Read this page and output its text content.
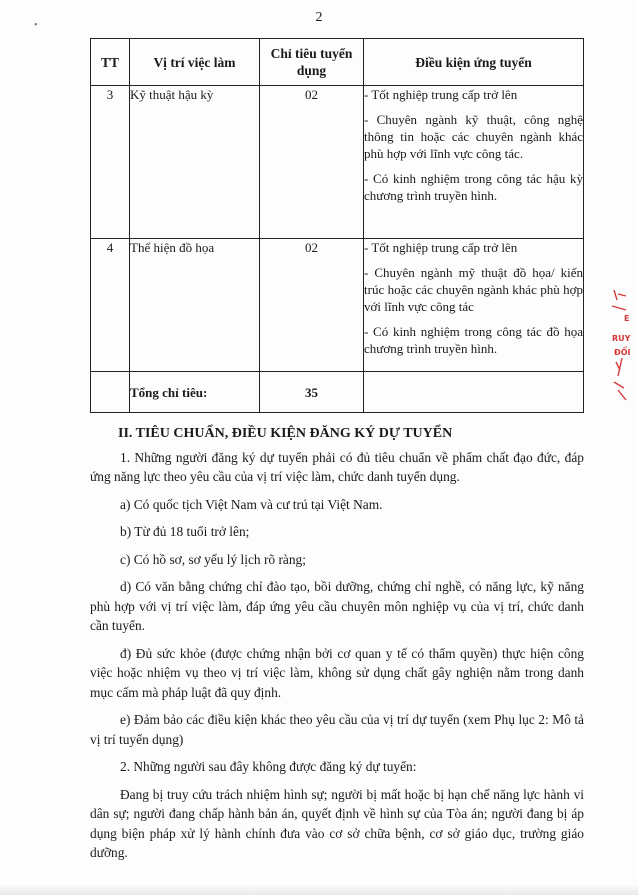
•
2
TT	Vị trí việc làm	Chỉ tiêu tuyển dụng	Điều kiện ứng tuyển
3	Kỹ thuật hậu kỳ	02	- Tốt nghiệp trung cấp trở lên

- Chuyên ngành kỹ thuật, công nghệ thông tin hoặc các chuyên ngành khác phù hợp với lĩnh vực công tác.

- Có kinh nghiệm trong công tác hậu kỳ chương trình truyền hình.

4	Thể hiện đồ họa	02	- Tốt nghiệp trung cấp trở lên

- Chuyên ngành mỹ thuật đồ họa/ kiến trúc hoặc các chuyên ngành khác phù hợp với lĩnh vực công tác

- Có kinh nghiệm trong công tác đồ họa chương trình truyền hình.

	Tổng chỉ tiêu:	35	
II. TIÊU CHUẨN, ĐIỀU KIỆN ĐĂNG KÝ DỰ TUYỂN

1. Những người đăng ký dự tuyển phải có đủ tiêu chuẩn về phẩm chất đạo đức, đáp ứng năng lực theo yêu cầu của vị trí việc làm, chức danh tuyển dụng.

a) Có quốc tịch Việt Nam và cư trú tại Việt Nam.

b) Từ đủ 18 tuổi trở lên;

c) Có hồ sơ, sơ yếu lý lịch rõ ràng;

d) Có văn bằng chứng chỉ đào tạo, bồi dưỡng, chứng chỉ nghề, có năng lực, kỹ năng phù hợp với vị trí việc làm, đáp ứng yêu cầu chuyên môn nghiệp vụ của vị trí, chức danh cần tuyển.

đ) Đủ sức khỏe (được chứng nhận bởi cơ quan y tế có thẩm quyền) thực hiện công việc hoặc nhiệm vụ theo vị trí việc làm, không sử dụng chất gây nghiện nằm trong danh mục cấm mà pháp luật đã quy định.

e) Đảm bảo các điều kiện khác theo yêu cầu của vị trí dự tuyển (xem Phụ lục 2: Mô tả vị trí tuyển dụng)

2. Những người sau đây không được đăng ký dự tuyển:

Đang bị truy cứu trách nhiệm hình sự; người bị mất hoặc bị hạn chế năng lực hành vi dân sự; người đang chấp hành bản án, quyết định về hình sự của Tòa án; người đang bị áp dụng biện pháp xử lý hành chính đưa vào cơ sở chữa bệnh, cơ sở giáo dục, trường giáo dưỡng.

E
RUY
ĐỔI
